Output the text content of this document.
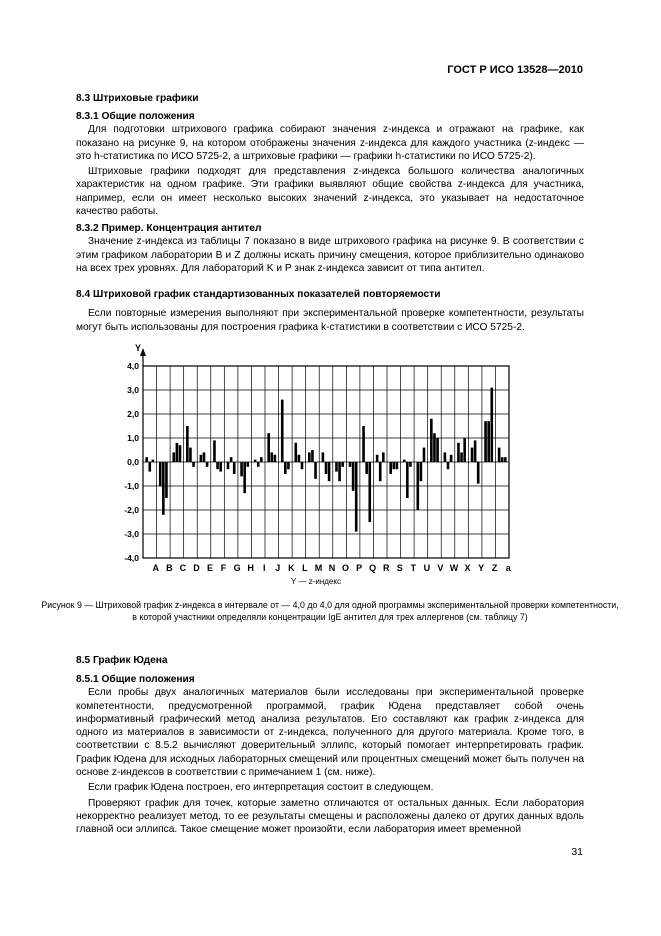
ГОСТ Р ИСО 13528—2010
8.3 Штриховые графики
8.3.1 Общие положения
Для подготовки штрихового графика собирают значения z-индекса и отражают на графике, как показано на рисунке 9, на котором отображены значения z-индекса для каждого участника (z-индекс — это h-статистика по ИСО 5725-2, а штриховые графики — графики h-статистики по ИСО 5725-2).
Штриховые графики подходят для представления z-индекса большого количества аналогичных характеристик на одном графике. Эти графики выявляют общие свойства z-индекса для участника, например, если он имеет несколько высоких значений z-индекса, это указывает на недостаточное качество работы.
8.3.2 Пример. Концентрация антител
Значение z-индекса из таблицы 7 показано в виде штрихового графика на рисунке 9. В соответствии с этим графиком лаборатории B и Z должны искать причину смещения, которое приблизительно одинаково на всех трех уровнях. Для лабораторий K и P знак z-индекса зависит от типа антител.
8.4 Штриховой график стандартизованных показателей повторяемости
Если повторные измерения выполняют при экспериментальной проверке компетентности, результаты могут быть использованы для построения графика k-статистики в соответствии с ИСО 5725-2.
4,0
3,0
2,0
1,0
0,0
-1,0
-2,0
-3,0
-4,0
A B C D E F G H I J K L M N O P Q R S T U V W X Y Z a
Y
Y — z-индекс
Рисунок 9 — Штриховой график z-индекса в интервале от — 4,0 до 4,0 для одной программы экспериментальной проверки компетентности, в которой участники определяли концентрации IgE антител для трех аллергенов (см. таблицу 7)
8.5 График Юдена
8.5.1 Общие положения
Если пробы двух аналогичных материалов были исследованы при экспериментальной проверке компетентности, предусмотренной программой, график Юдена представляет собой очень информативный графический метод анализа результатов. Его составляют как график z-индекса для одного из материалов в зависимости от z-индекса, полученного для другого материала. Кроме того, в соответствии с 8.5.2 вычисляют доверительный эллипс, который помогает интерпретировать график. График Юдена для исходных лабораторных смещений или процентных смещений может быть получен на основе z-индексов в соответствии с примечанием 1 (см. ниже).
Если график Юдена построен, его интерпретация состоит в следующем.
Проверяют график для точек, которые заметно отличаются от остальных данных. Если лаборатория некорректно реализует метод, то ее результаты смещены и расположены далеко от других данных вдоль главной оси эллипса. Такое смещение может произойти, если лаборатория имеет временной
31
